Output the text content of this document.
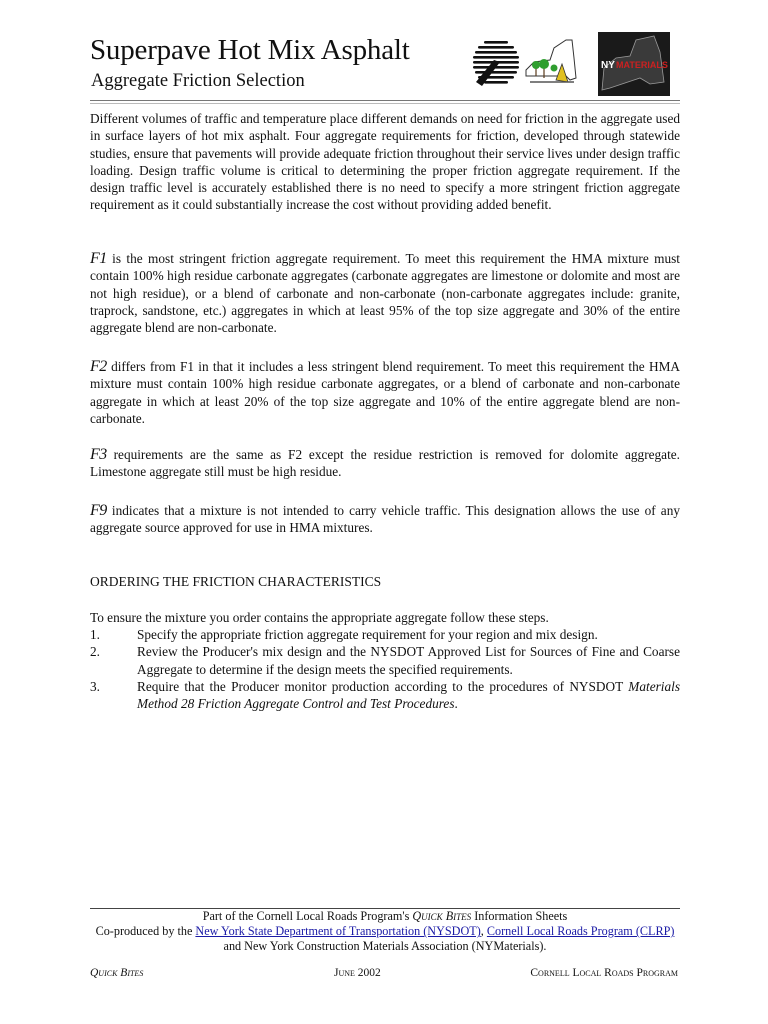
Superpave Hot Mix Asphalt
Aggregate Friction Selection
NY MATERIALS

Different volumes of traffic and temperature place different demands on need for friction in the aggregate used in surface layers of hot mix asphalt. Four aggregate requirements for friction, developed through statewide studies, ensure that pavements will provide adequate friction throughout their service lives under design traffic loading. Design traffic volume is critical to determining the proper friction aggregate requirement. If the design traffic level is accurately established there is no need to specify a more stringent friction aggregate requirement as it could substantially increase the cost without providing added benefit.

F1 is the most stringent friction aggregate requirement. To meet this requirement the HMA mixture must contain 100% high residue carbonate aggregates (carbonate aggregates are limestone or dolomite and most are not high residue), or a blend of carbonate and non-carbonate (non-carbonate aggregates include: granite, traprock, sandstone, etc.) aggregates in which at least 95% of the top size aggregate and 30% of the entire aggregate blend are non-carbonate.

F2 differs from F1 in that it includes a less stringent blend requirement. To meet this requirement the HMA mixture must contain 100% high residue carbonate aggregates, or a blend of carbonate and non-carbonate aggregate in which at least 20% of the top size aggregate and 10% of the entire aggregate blend are non-carbonate.

F3 requirements are the same as F2 except the residue restriction is removed for dolomite aggregate. Limestone aggregate still must be high residue.

F9 indicates that a mixture is not intended to carry vehicle traffic. This designation allows the use of any aggregate source approved for use in HMA mixtures.

ORDERING THE FRICTION CHARACTERISTICS

To ensure the mixture you order contains the appropriate aggregate follow these steps.

1.	Specify the appropriate friction aggregate requirement for your region and mix design.
2.	Review the Producer's mix design and the NYSDOT Approved List for Sources of Fine and Coarse Aggregate to determine if the design meets the specified requirements.
3.	Require that the Producer monitor production according to the procedures of NYSDOT Materials Method 28 Friction Aggregate Control and Test Procedures.
Part of the Cornell Local Roads Program's Quick Bites Information Sheets
Co-produced by the New York State Department of Transportation (NYSDOT), Cornell Local Roads Program (CLRP)
and New York Construction Materials Association (NYMaterials).
Quick Bites	June 2002	Cornell Local Roads Program
